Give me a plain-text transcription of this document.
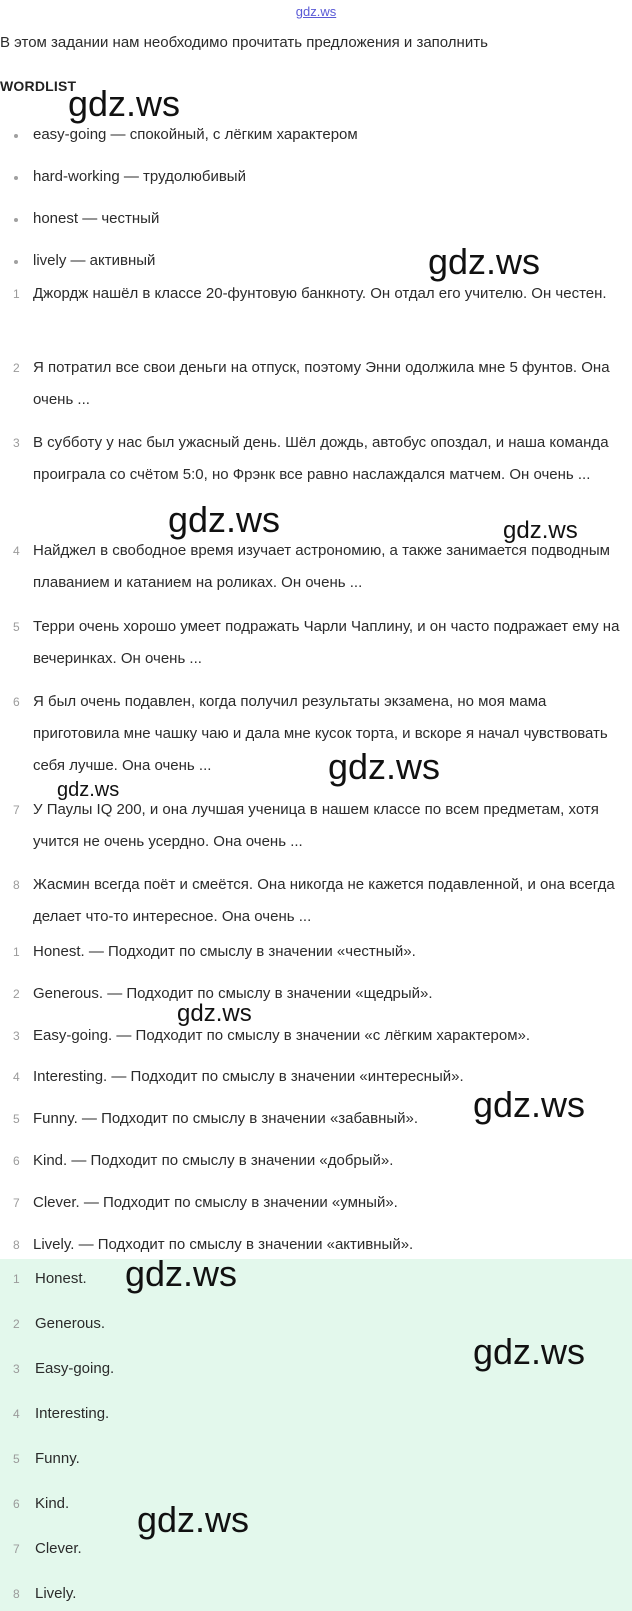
gdz.ws
В этом задании нам необходимо прочитать предложения и заполнить
WORDLIST
easy-going — спокойный, с лёгким характером
hard-working — трудолюбивый
honest — честный
lively — активный
1 Джордж нашёл в классе 20-фунтовую банкноту. Он отдал его учителю. Он честен.
2 Я потратил все свои деньги на отпуск, поэтому Энни одолжила мне 5 фунтов. Она очень ...
3 В субботу у нас был ужасный день. Шёл дождь, автобус опоздал, и наша команда проиграла со счётом 5:0, но Фрэнк все равно наслаждался матчем. Он очень ...
4 Найджел в свободное время изучает астрономию, а также занимается подводным плаванием и катанием на роликах. Он очень ...
5 Терри очень хорошо умеет подражать Чарли Чаплину, и он часто подражает ему на вечеринках. Он очень ...
6 Я был очень подавлен, когда получил результаты экзамена, но моя мама приготовила мне чашку чаю и дала мне кусок торта, и вскоре я начал чувствовать себя лучше. Она очень ...
7 У Паулы IQ 200, и она лучшая ученица в нашем классе по всем предметам, хотя учится не очень усердно. Она очень ...
8 Жасмин всегда поёт и смеётся. Она никогда не кажется подавленной, и она всегда делает что-то интересное. Она очень ...
1 Honest. — Подходит по смыслу в значении «честный».
2 Generous. — Подходит по смыслу в значении «щедрый».
3 Easy-going. — Подходит по смыслу в значении «с лёгким характером».
4 Interesting. — Подходит по смыслу в значении «интересный».
5 Funny. — Подходит по смыслу в значении «забавный».
6 Kind. — Подходит по смыслу в значении «добрый».
7 Clever. — Подходит по смыслу в значении «умный».
8 Lively. — Подходит по смыслу в значении «активный».
1 Honest.
2 Generous.
3 Easy-going.
4 Interesting.
5 Funny.
6 Kind.
7 Clever.
8 Lively.
gdz.ws
gdz.ws
gdz.ws	gdz.ws
gdz.ws
gdz.ws
gdz.ws
gdz.ws
gdz.ws
gdz.ws
gdz.ws
